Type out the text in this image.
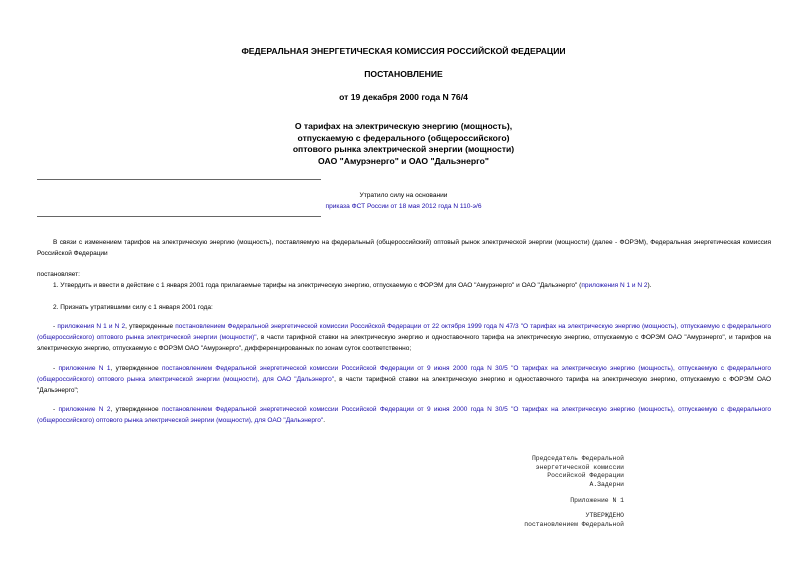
ФЕДЕРАЛЬНАЯ ЭНЕРГЕТИЧЕСКАЯ КОМИССИЯ РОССИЙСКОЙ ФЕДЕРАЦИИ
ПОСТАНОВЛЕНИЕ
от 19 декабря 2000 года N 76/4
О тарифах на электрическую энергию (мощность),
отпускаемую с федерального (общероссийского)
оптового рынка электрической энергии (мощности)
ОАО "Амурэнерго" и ОАО "Дальэнерго"
Утратило силу на основании
приказа ФСТ России от 18 мая 2012 года N 110-э/6
В связи с изменением тарифов на электрическую энергию (мощность), поставляемую на федеральный (общероссийский) оптовый рынок электрической энергии (мощности) (далее - ФОРЭМ), Федеральная энергетическая комиссия Российской Федерации
постановляет:
1. Утвердить и ввести в действие с 1 января 2001 года прилагаемые тарифы на электрическую энергию, отпускаемую с ФОРЭМ для ОАО "Амурэнерго" и ОАО "Дальэнерго" (приложения N 1 и N 2).
2. Признать утратившими силу с 1 января 2001 года:
- приложения N 1 и N 2, утвержденные постановлением Федеральной энергетической комиссии Российской Федерации от 22 октября 1999 года N 47/3 "О тарифах на электрическую энергию (мощность), отпускаемую с федерального (общероссийского) оптового рынка электрической энергии (мощности)", в части тарифной ставки на электрическую энергию и одноставочного тарифа на электрическую энергию, отпускаемую с ФОРЭМ ОАО "Амурэнерго", и тарифов на электрическую энергию, отпускаемую с ФОРЭМ ОАО "Амурэнерго", дифференцированных по зонам суток соответственно;
- приложение N 1, утвержденное постановлением Федеральной энергетической комиссии Российской Федерации от 9 июня 2000 года N 30/5 "О тарифах на электрическую энергию (мощность), отпускаемую с федерального (общероссийского) оптового рынка электрической энергии (мощности), для ОАО "Дальэнерго", в части тарифной ставки на электрическую энергию и одноставочного тарифа на электрическую энергию, отпускаемую с ФОРЭМ ОАО "Дальэнерго";
- приложение N 2, утвержденное постановлением Федеральной энергетической комиссии Российской Федерации от 9 июня 2000 года N 30/5 "О тарифах на электрическую энергию (мощность), отпускаемую с федерального (общероссийского) оптового рынка электрической энергии (мощности), для ОАО "Дальэнерго".
Председатель Федеральной
энергетической комиссии
Российской Федерации
А.Задерни
Приложение N 1
УТВЕРЖДЕНО
постановлением Федеральной
